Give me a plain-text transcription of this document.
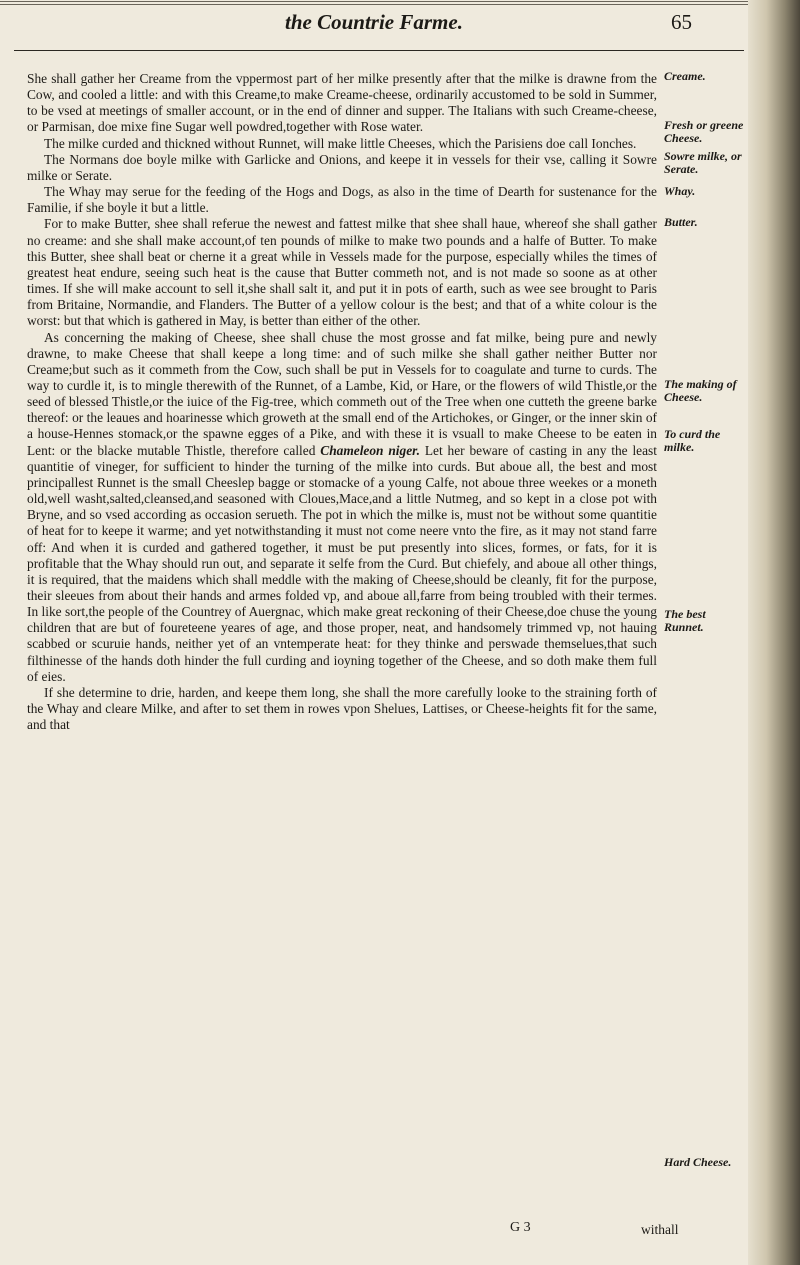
the Countrie Farme.	65

She shall gather her Creame from the vppermost part of her milke presently after that the milke is drawne from the Cow, and cooled a little: and with this Creame,to make Creame-cheese, ordinarily accustomed to be sold in Summer, to be vsed at meetings of smaller account, or in the end of dinner and supper. The Italians with such Creame-cheese, or Parmisan, doe mixe fine Sugar well powdred,together with Rose water.

The milke curded and thickned without Runnet, will make little Cheeses, which the Parisiens doe call Ionches.

The Normans doe boyle milke with Garlicke and Onions, and keepe it in vessels for their vse, calling it Sowre milke or Serate.

The Whay may serue for the feeding of the Hogs and Dogs, as also in the time of Dearth for sustenance for the Familie, if she boyle it but a little.

For to make Butter, shee shall referue the newest and fattest milke that shee shall haue, whereof she shall gather no creame: and she shall make account,of ten pounds of milke to make two pounds and a halfe of Butter. To make this Butter, shee shall beat or cherne it a great while in Vessels made for the purpose, especially whiles the times of greatest heat endure, seeing such heat is the cause that Butter commeth not, and is not made so soone as at other times. If she will make account to sell it,she shall salt it, and put it in pots of earth, such as wee see brought to Paris from Britaine, Normandie, and Flanders. The Butter of a yellow colour is the best; and that of a white colour is the worst: but that which is gathered in May, is better than either of the other.

As concerning the making of Cheese, shee shall chuse the most grosse and fat milke, being pure and newly drawne, to make Cheese that shall keepe a long time: and of such milke she shall gather neither Butter nor Creame;but such as it commeth from the Cow, such shall be put in Vessels for to coagulate and turne to curds. The way to curdle it, is to mingle therewith of the Runnet, of a Lambe, Kid, or Hare, or the flowers of wild Thistle,or the seed of blessed Thistle,or the iuice of the Fig-tree, which commeth out of the Tree when one cutteth the greene barke thereof: or the leaues and hoarinesse which groweth at the small end of the Artichokes, or Ginger, or the inner skin of a house-Hennes stomack,or the spawne egges of a Pike, and with these it is vsuall to make Cheese to be eaten in Lent: or the blacke mutable Thistle, therefore called Chameleon niger. Let her beware of casting in any the least quantitie of vineger, for sufficient to hinder the turning of the milke into curds. But aboue all, the best and most principallest Runnet is the small Cheeslep bagge or stomacke of a young Calfe, not aboue three weekes or a moneth old,well washt,salted,cleansed,and seasoned with Cloues,Mace,and a little Nutmeg, and so kept in a close pot with Bryne, and so vsed according as occasion serueth. The pot in which the milke is, must not be without some quantitie of heat for to keepe it warme; and yet notwithstanding it must not come neere vnto the fire, as it may not stand farre off: And when it is curded and gathered together, it must be put presently into slices, formes, or fats, for it is profitable that the Whay should run out, and separate it selfe from the Curd. But chiefely, and aboue all other things, it is required, that the maidens which shall meddle with the making of Cheese,should be cleanly, fit for the purpose, their sleeues from about their hands and armes folded vp, and aboue all,farre from being troubled with their termes. In like sort,the people of the Countrey of Auergnac, which make great reckoning of their Cheese,doe chuse the young children that are but of foureteene yeares of age, and those proper, neat, and handsomely trimmed vp, not hauing scabbed or scuruie hands, neither yet of an vntemperate heat: for they thinke and perswade themselues,that such filthinesse of the hands doth hinder the full curding and ioyning together of the Cheese, and so doth make them full of eies.

If she determine to drie, harden, and keepe them long, she shall the more carefully looke to the straining forth of the Whay and cleare Milke, and after to set them in rowes vpon Shelues, Lattises, or Cheese-heights fit for the same, and that

Creame.
Fresh or greene Cheese.
Sowre milke, or Serate.
Whay.
Butter.
The making of Cheese.
To curd the milke.
The best Runnet.
Hard Cheese.
G 3	withall
